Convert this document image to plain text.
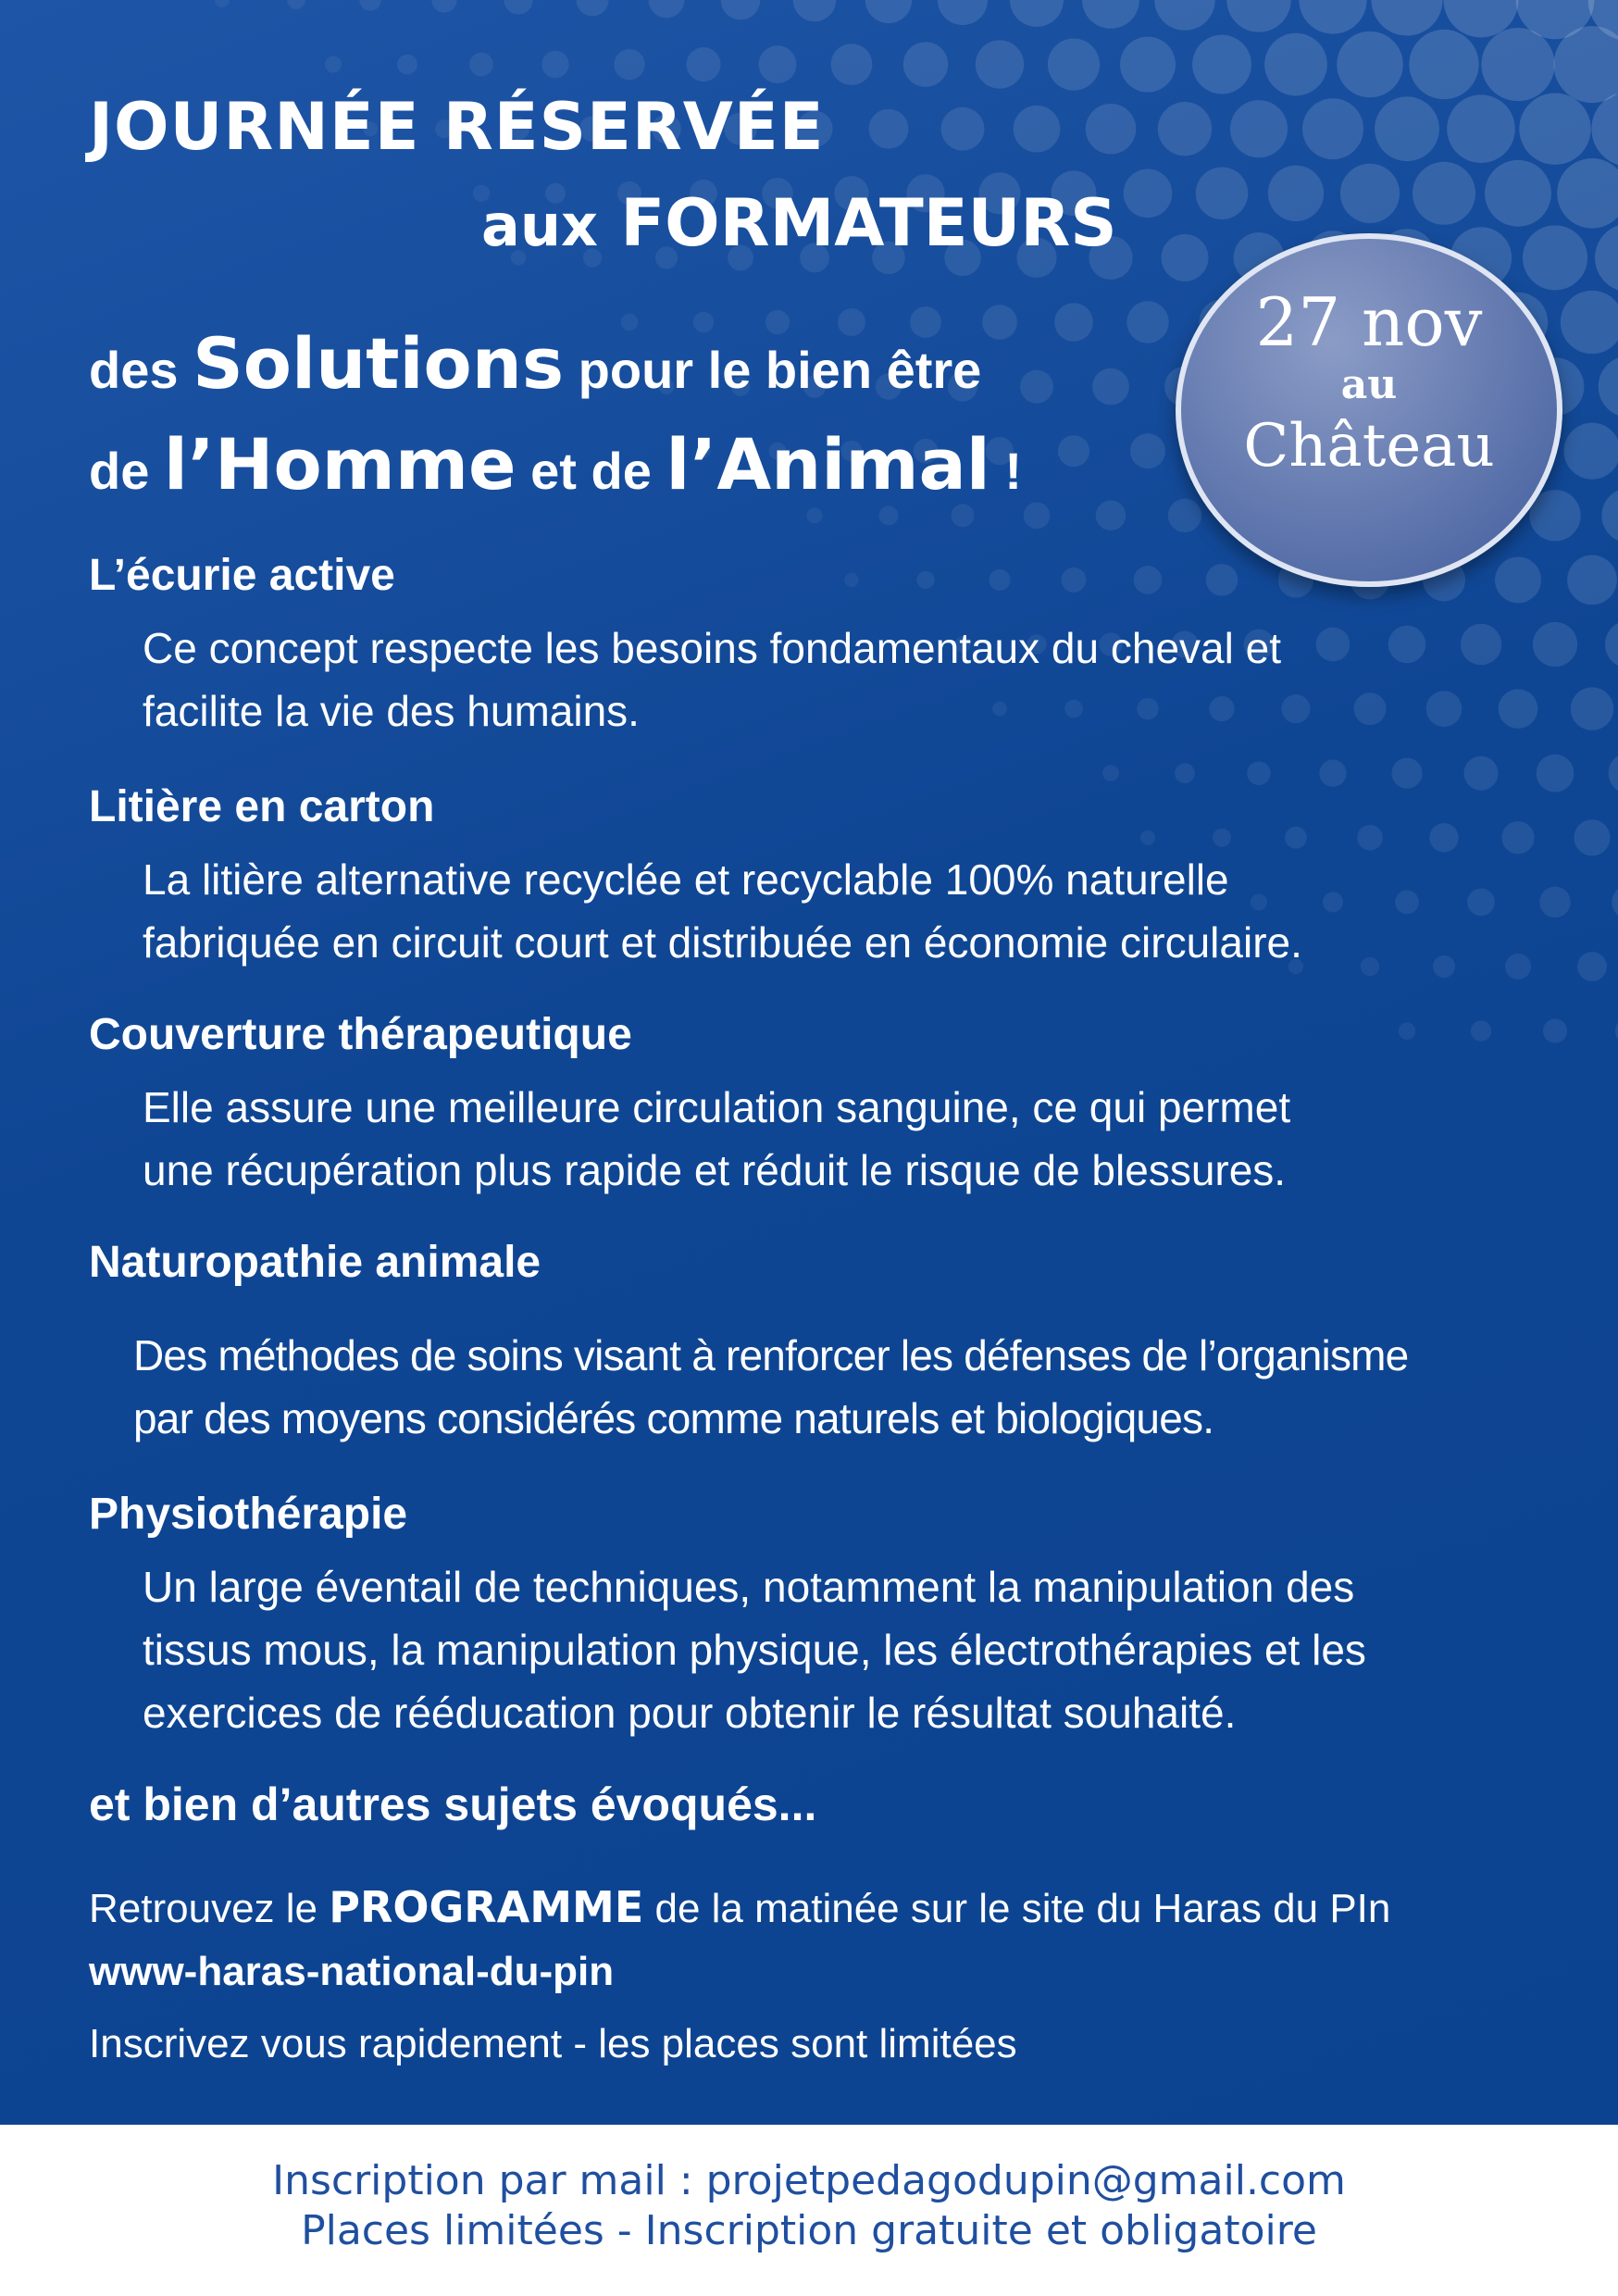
JOURNÉE RÉSERVÉE
aux FORMATEURS
des Solutions pour le bien être
de l’Homme et de l’Animal !
27 nov
au
Château
L’écurie active
Ce concept respecte les besoins fondamentaux du cheval et
facilite la vie des humains.
Litière en carton
La litière alternative recyclée et recyclable 100% naturelle
fabriquée en circuit court et distribuée en économie circulaire.
Couverture thérapeutique
Elle assure une meilleure circulation sanguine, ce qui permet
une récupération plus rapide et réduit le risque de blessures.
Naturopathie animale
Des méthodes de soins visant à renforcer les défenses de l’organisme
par des moyens considérés comme naturels et biologiques.
Physiothérapie
Un large éventail de techniques, notamment la manipulation des
tissus mous, la manipulation physique, les électrothérapies et les
exercices de rééducation pour obtenir le résultat souhaité.
et bien d’autres sujets évoqués...
Retrouvez le PROGRAMME de la matinée sur le site du Haras du PIn
www-haras-national-du-pin
Inscrivez vous rapidement - les places sont limitées
Inscription par mail : projetpedagodupin@gmail.com
Places limitées - Inscription gratuite et obligatoire
